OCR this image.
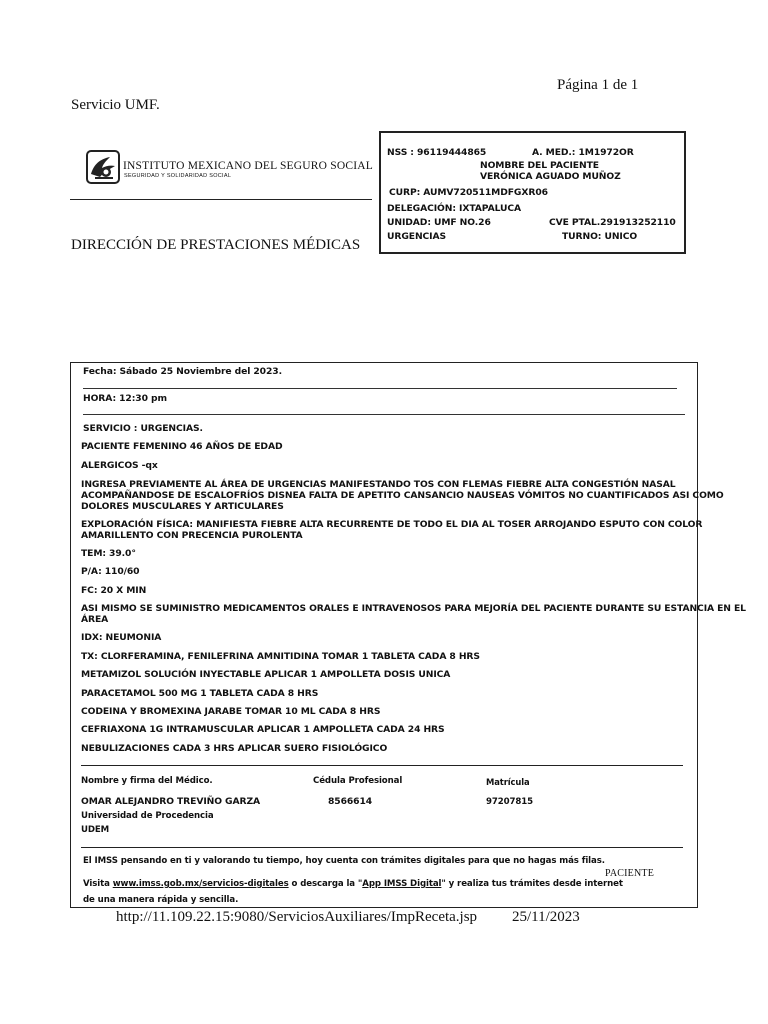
Página 1 de 1
Servicio UMF.
INSTITUTO MEXICANO DEL SEGURO SOCIAL
SEGURIDAD Y SOLIDARIDAD SOCIAL
DIRECCIÓN DE PRESTACIONES MÉDICAS
NSS : 96119444865	A. MED.: 1M1972OR
NOMBRE DEL PACIENTE
VERÓNICA AGUADO MUÑOZ
CURP: AUMV720511MDFGXR06
DELEGACIÓN: IXTAPALUCA
UNIDAD: UMF NO.26	CVE PTAL.291913252110
URGENCIAS	TURNO: UNICO
Fecha: Sábado 25 Noviembre del 2023.
HORA: 12:30 pm
SERVICIO : URGENCIAS.
PACIENTE FEMENINO 46 AÑOS DE EDAD
ALERGICOS -qx
INGRESA PREVIAMENTE AL ÁREA DE URGENCIAS MANIFESTANDO TOS CON FLEMAS FIEBRE ALTA CONGESTIÓN NASAL
ACOMPAÑANDOSE DE ESCALOFRÍOS DISNEA FALTA DE APETITO CANSANCIO NAUSEAS VÓMITOS NO CUANTIFICADOS ASI COMO
DOLORES MUSCULARES Y ARTICULARES
EXPLORACIÓN FÍSICA: MANIFIESTA FIEBRE ALTA RECURRENTE DE TODO EL DIA AL TOSER ARROJANDO ESPUTO CON COLOR
AMARILLENTO CON PRECENCIA PUROLENTA
TEM: 39.0°
P/A: 110/60
FC: 20 X MIN
ASI MISMO SE SUMINISTRO MEDICAMENTOS ORALES E INTRAVENOSOS PARA MEJORÍA DEL PACIENTE DURANTE SU ESTANCIA EN EL
ÁREA
IDX: NEUMONIA
TX: CLORFERAMINA, FENILEFRINA AMNITIDINA TOMAR 1 TABLETA CADA 8 HRS
METAMIZOL SOLUCIÓN INYECTABLE APLICAR 1 AMPOLLETA DOSIS UNICA
PARACETAMOL 500 MG 1 TABLETA CADA 8 HRS
CODEINA Y BROMEXINA JARABE TOMAR 10 ML CADA 8 HRS
CEFRIAXONA 1G INTRAMUSCULAR APLICAR 1 AMPOLLETA CADA 24 HRS
NEBULIZACIONES CADA 3 HRS APLICAR SUERO FISIOLÓGICO
Nombre y firma del Médico.	Cédula Profesional	Matrícula
OMAR ALEJANDRO TREVIÑO GARZA	8566614	97207815
Universidad de Procedencia
UDEM
El IMSS pensando en ti y valorando tu tiempo, hoy cuenta con trámites digitales para que no hagas más filas.
Visita www.imss.gob.mx/servicios-digitales o descarga la "App IMSS Digital" y realiza tus trámites desde internet
de una manera rápida y sencilla.
PACIENTE
http://11.109.22.15:9080/ServiciosAuxiliares/ImpReceta.jsp 25/11/2023
